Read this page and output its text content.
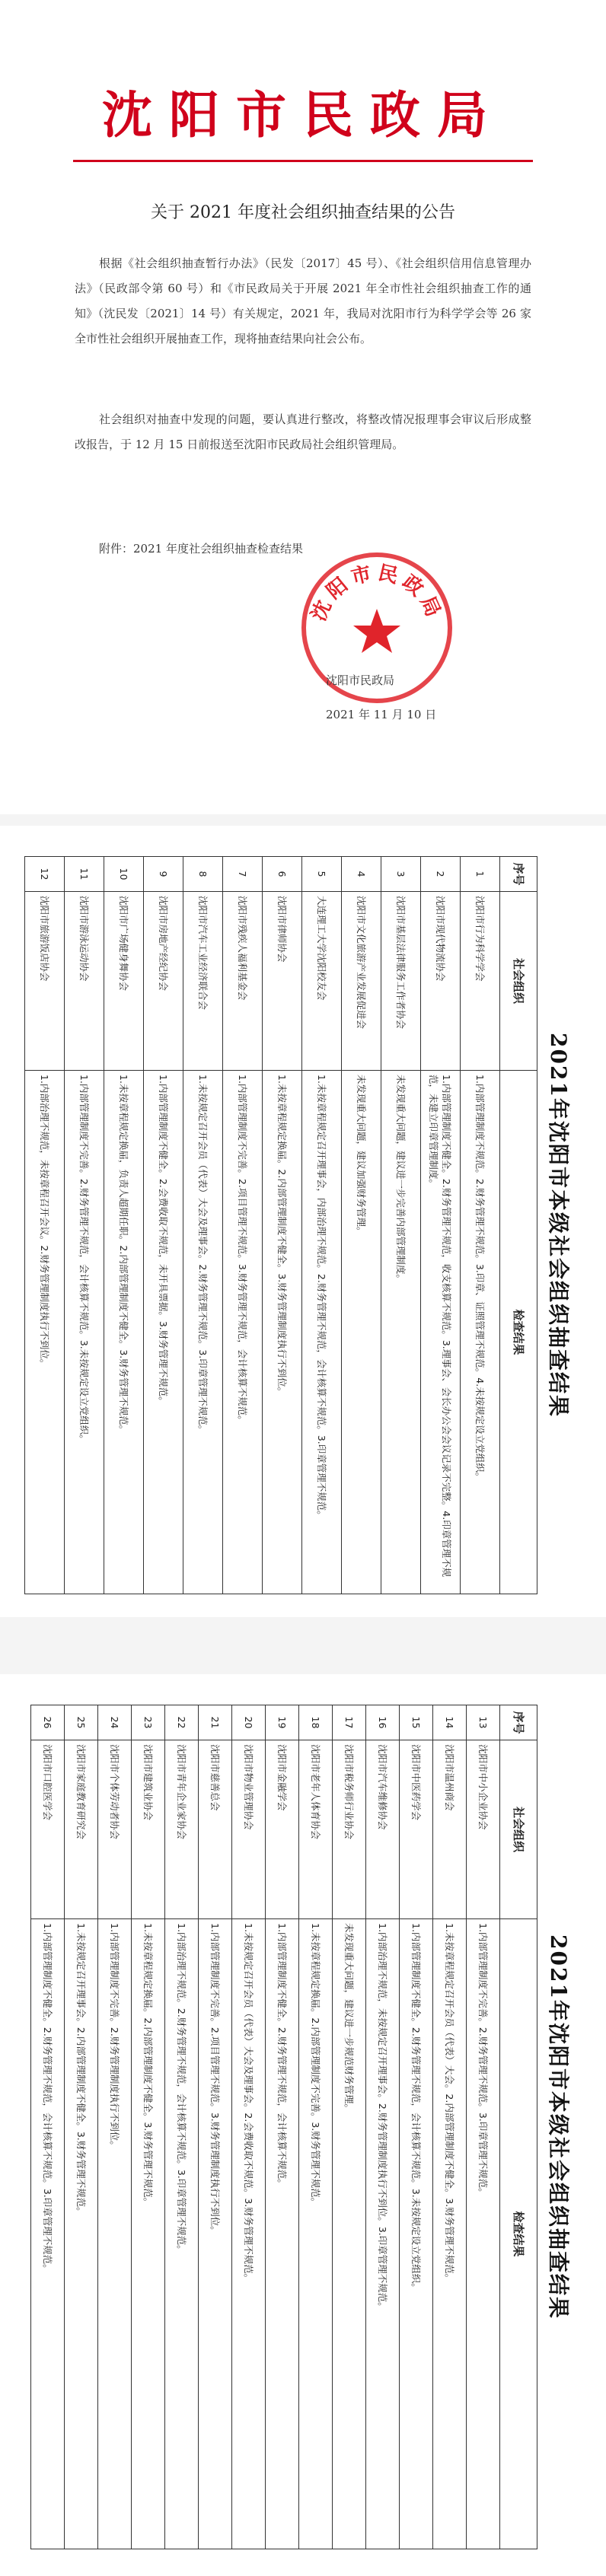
沈阳市民政局
关于 2021 年度社会组织抽查结果的公告
根据《社会组织抽查暂行办法》（民发〔2017〕45 号）、《社会组织信用信息管理办法》（民政部令第 60 号）和《市民政局关于开展 2021 年全市性社会组织抽查工作的通知》（沈民发〔2021〕14 号）有关规定，2021 年，我局对沈阳市行为科学学会等 26 家全市性社会组织开展抽查工作，现将抽查结果向社会公布。
社会组织对抽查中发现的问题，要认真进行整改，将整改情况报理事会审议后形成整改报告，于 12 月 15 日前报送至沈阳市民政局社会组织管理局。
附件：2021 年度社会组织抽查检查结果
沈阳市民政局
沈阳市民政局
2021 年 11 月 10 日
2021年沈阳市本级社会组织抽查结果
序号	社会组织	检查结果
1	沈阳市行为科学学会	1.内部管理制度不规范。2.财务管理不规范。3.印章、证照管理不规范。4.未按规定设立党组织。
2	沈阳市现代物流协会	1.内部管理制度不健全。2.财务管理不规范，收支核算不规范。3.理事会、会长办公会会议记录不完整。4.印章管理不规范，未建立印章管理制度。
3	沈阳市基层法律服务工作者协会	未发现重大问题，建议进一步完善内部管理制度。
4	沈阳市文化旅游产业发展促进会	未发现重大问题，建议加强财务管理。
5	大连理工大学沈阳校友会	1.未按章程规定召开理事会，内部治理不规范。2.财务管理不规范，会计核算不规范。3.印章管理不规范。
6	沈阳市律师协会	1.未按章程规定换届。2.内部管理制度不健全。3.财务管理制度执行不到位。
7	沈阳市残疾人福利基金会	1.内部管理制度不完善。2.项目管理不规范。3.财务管理不规范，会计核算不规范。
8	沈阳市汽车工业经济联合会	1.未按规定召开会员（代表）大会及理事会。2.财务管理不规范。3.印章管理不规范。
9	沈阳市房地产经纪协会	1.内部管理制度不健全。2.会费收取不规范，未开具票据。3.财务管理不规范。
10	沈阳市广场健身舞协会	1.未按章程规定换届，负责人超期任职。2.内部管理制度不健全。3.财务管理不规范。
11	沈阳市游泳运动协会	1.内部管理制度不完善。2.财务管理不规范，会计核算不规范。3.未按规定设立党组织。
12	沈阳市旅游饭店协会	1.内部治理不规范，未按章程召开会议。2.财务管理制度执行不到位。
2021年沈阳市本级社会组织抽查结果
序号	社会组织	检查结果
13	沈阳市中小企业协会	1.内部管理制度不完善。2.财务管理不规范。3.印章管理不规范。
14	沈阳市温州商会	1.未按章程规定召开会员（代表）大会。2.内部管理制度不健全。3.财务管理不规范。
15	沈阳市中医药学会	1.内部管理制度不健全。2.财务管理不规范，会计核算不规范。3.未按规定设立党组织。
16	沈阳市汽车维修协会	1.内部治理不规范，未按规定召开理事会。2.财务管理制度执行不到位。3.印章管理不规范。
17	沈阳市税务师行业协会	未发现重大问题，建议进一步规范财务管理。
18	沈阳市老年人体育协会	1.未按章程规定换届。2.内部管理制度不完善。3.财务管理不规范。
19	沈阳市金融学会	1.内部管理制度不健全。2.财务管理不规范，会计核算不规范。
20	沈阳市物业管理协会	1.未按规定召开会员（代表）大会及理事会。2.会费收取不规范。3.财务管理不规范。
21	沈阳市慈善总会	1.内部管理制度不完善。2.项目管理不规范。3.财务管理制度执行不到位。
22	沈阳市青年企业家协会	1.内部治理不规范。2.财务管理不规范，会计核算不规范。3.印章管理不规范。
23	沈阳市建筑业协会	1.未按章程规定换届。2.内部管理制度不健全。3.财务管理不规范。
24	沈阳市个体劳动者协会	1.内部管理制度不完善。2.财务管理制度执行不到位。
25	沈阳市家庭教育研究会	1.未按规定召开理事会。2.内部管理制度不健全。3.财务管理不规范。
26	沈阳市口腔医学会	1.内部管理制度不健全。2.财务管理不规范，会计核算不规范。3.印章管理不规范。
